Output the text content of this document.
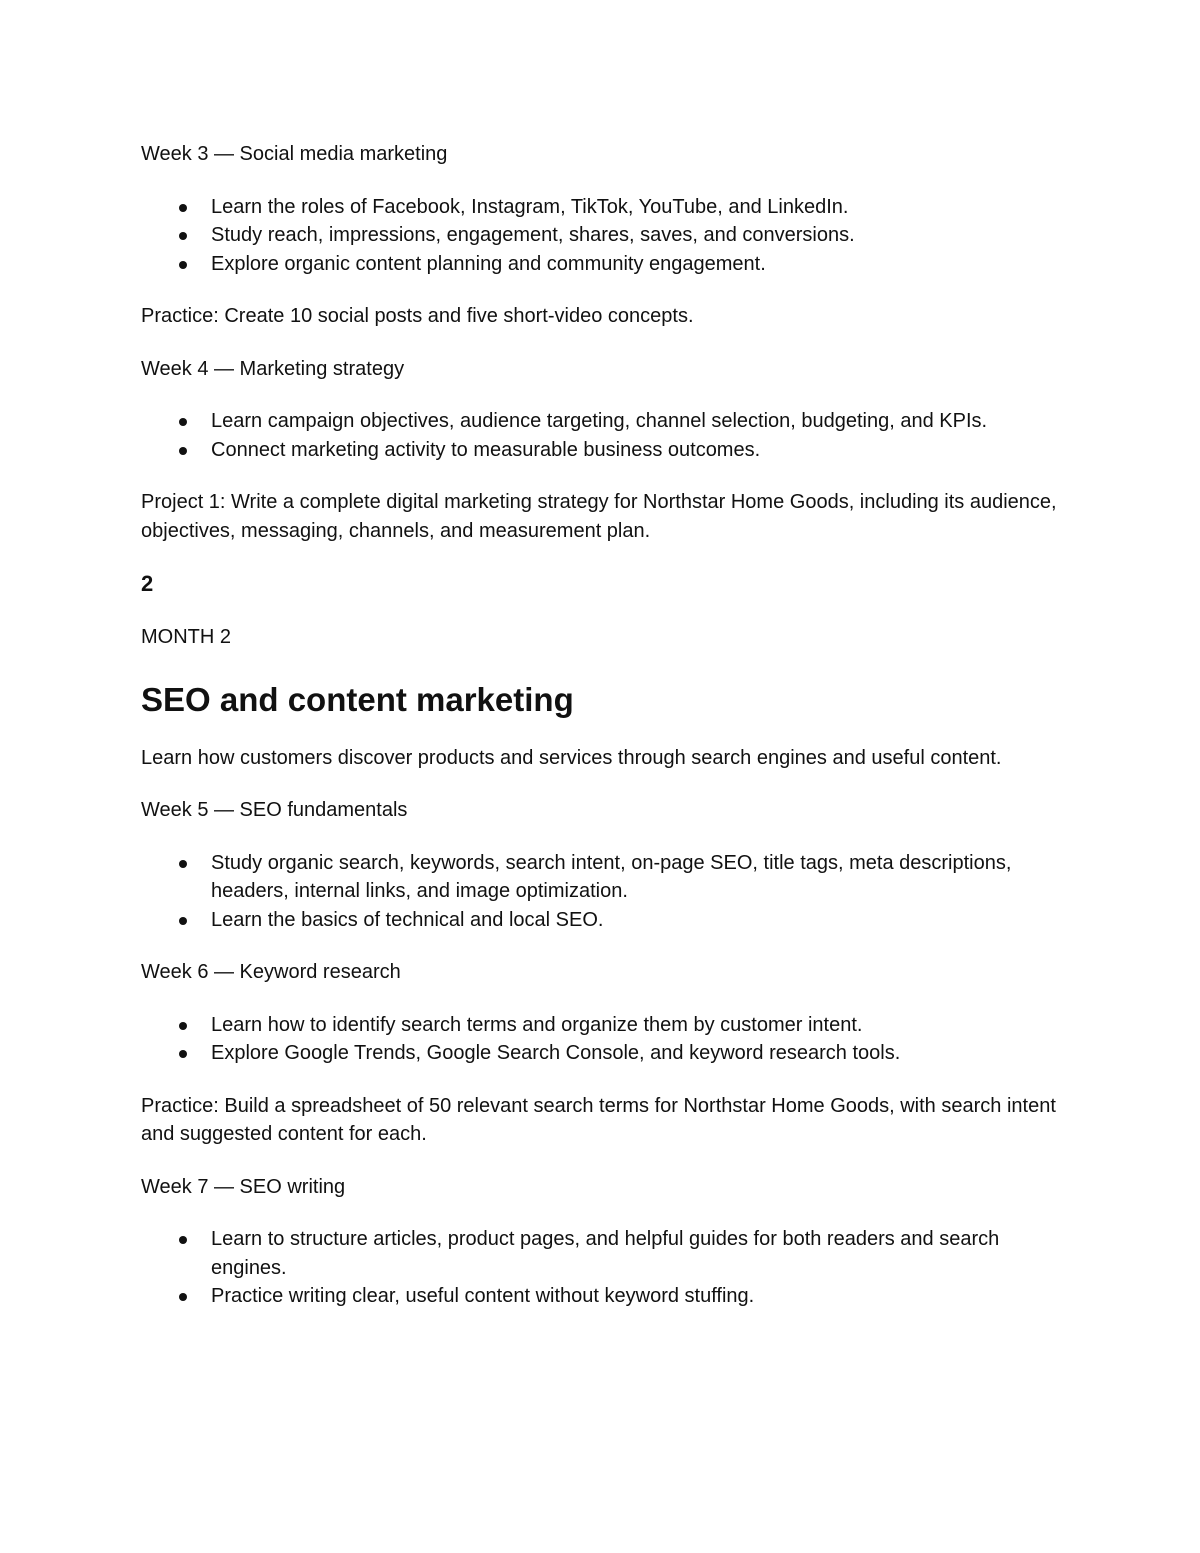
Week 3 — Social media marketing

Learn the roles of Facebook, Instagram, TikTok, YouTube, and LinkedIn.
Study reach, impressions, engagement, shares, saves, and conversions.
Explore organic content planning and community engagement.

Practice: Create 10 social posts and five short-video concepts.

Week 4 — Marketing strategy

Learn campaign objectives, audience targeting, channel selection, budgeting, and KPIs.
Connect marketing activity to measurable business outcomes.

Project 1: Write a complete digital marketing strategy for Northstar Home Goods, including its audience, objectives, messaging, channels, and measurement plan.

2

MONTH 2

SEO and content marketing

Learn how customers discover products and services through search engines and useful content.

Week 5 — SEO fundamentals

Study organic search, keywords, search intent, on-page SEO, title tags, meta descriptions, headers, internal links, and image optimization.
Learn the basics of technical and local SEO.

Week 6 — Keyword research

Learn how to identify search terms and organize them by customer intent.
Explore Google Trends, Google Search Console, and keyword research tools.

Practice: Build a spreadsheet of 50 relevant search terms for Northstar Home Goods, with search intent and suggested content for each.

Week 7 — SEO writing

Learn to structure articles, product pages, and helpful guides for both readers and search engines.
Practice writing clear, useful content without keyword stuffing.
